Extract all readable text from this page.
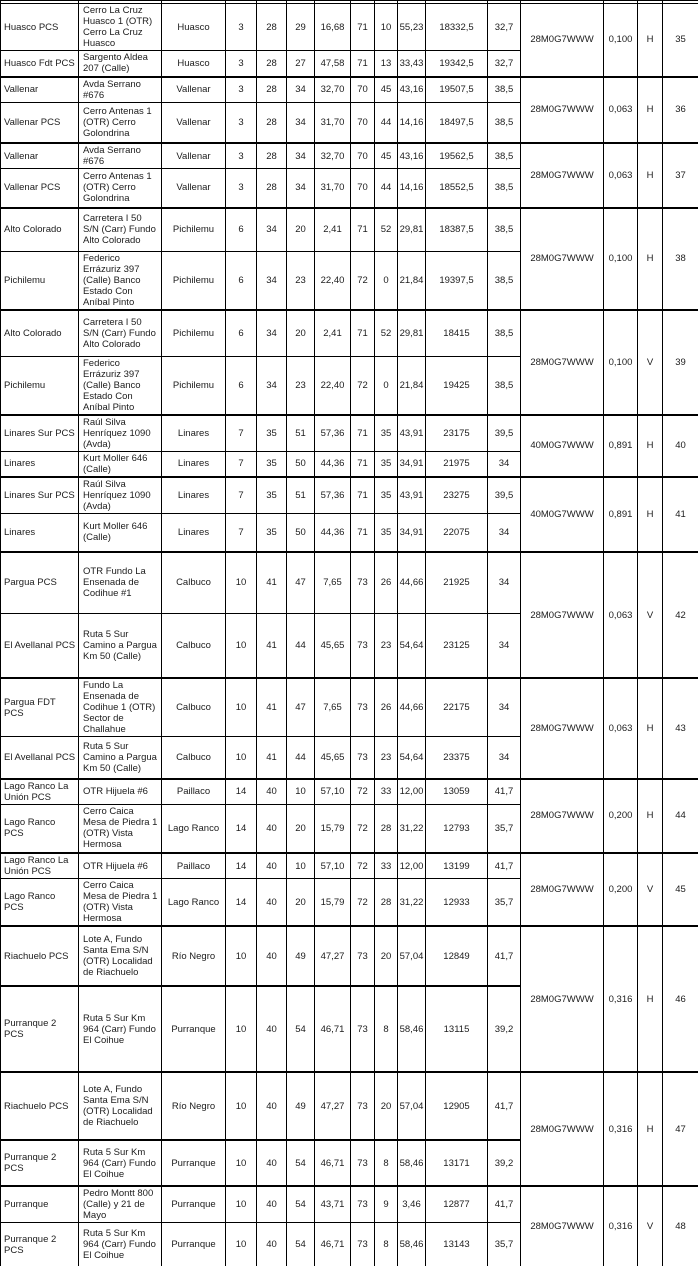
Huasco PCS	Cerro La Cruz Huasco 1 (OTR) Cerro La Cruz Huasco	Huasco	3	28	29	16,68	71	10	55,23	18332,5	32,7	28M0G7WWW	0,100	H	35
Huasco Fdt PCS	Sargento Aldea 207 (Calle)	Huasco	3	28	27	47,58	71	13	33,43	19342,5	32,7				
Vallenar	Avda Serrano #676	Vallenar	3	28	34	32,70	70	45	43,16	19507,5	38,5	28M0G7WWW	0,063	H	36
Vallenar PCS	Cerro Antenas 1 (OTR) Cerro Golondrina	Vallenar	3	28	34	31,70	70	44	14,16	18497,5	38,5				
Vallenar	Avda Serrano #676	Vallenar	3	28	34	32,70	70	45	43,16	19562,5	38,5	28M0G7WWW	0,063	H	37
Vallenar PCS	Cerro Antenas 1 (OTR) Cerro Golondrina	Vallenar	3	28	34	31,70	70	44	14,16	18552,5	38,5				
Alto Colorado	Carretera I 50 S/N (Carr) Fundo Alto Colorado	Pichilemu	6	34	20	2,41	71	52	29,81	18387,5	38,5	28M0G7WWW	0,100	H	38
Pichilemu	Federico Errázuriz 397 (Calle) Banco Estado Con Aníbal Pinto	Pichilemu	6	34	23	22,40	72	0	21,84	19397,5	38,5				
Alto Colorado	Carretera I 50 S/N (Carr) Fundo Alto Colorado	Pichilemu	6	34	20	2,41	71	52	29,81	18415	38,5	28M0G7WWW	0,100	V	39
Pichilemu	Federico Errázuriz 397 (Calle) Banco Estado Con Aníbal Pinto	Pichilemu	6	34	23	22,40	72	0	21,84	19425	38,5				
Linares Sur PCS	Raúl Silva Henríquez 1090 (Avda)	Linares	7	35	51	57,36	71	35	43,91	23175	39,5	40M0G7WWW	0,891	H	40
Linares	Kurt Moller 646 (Calle)	Linares	7	35	50	44,36	71	35	34,91	21975	34				
Linares Sur PCS	Raúl Silva Henríquez 1090 (Avda)	Linares	7	35	51	57,36	71	35	43,91	23275	39,5	40M0G7WWW	0,891	H	41
Linares	Kurt Moller 646 (Calle)	Linares	7	35	50	44,36	71	35	34,91	22075	34				
Pargua PCS	OTR Fundo La Ensenada de Codihue #1	Calbuco	10	41	47	7,65	73	26	44,66	21925	34	28M0G7WWW	0,063	V	42
El Avellanal PCS	Ruta 5 Sur Camino a Pargua Km 50 (Calle)	Calbuco	10	41	44	45,65	73	23	54,64	23125	34				
Pargua FDT PCS	Fundo La Ensenada de Codihue 1 (OTR) Sector de Challahue	Calbuco	10	41	47	7,65	73	26	44,66	22175	34	28M0G7WWW	0,063	H	43
El Avellanal PCS	Ruta 5 Sur Camino a Pargua Km 50 (Calle)	Calbuco	10	41	44	45,65	73	23	54,64	23375	34				
Lago Ranco La Unión PCS	OTR Hijuela #6	Paillaco	14	40	10	57,10	72	33	12,00	13059	41,7	28M0G7WWW	0,200	H	44
Lago Ranco PCS	Cerro Caica Mesa de Piedra 1 (OTR) Vista Hermosa	Lago Ranco	14	40	20	15,79	72	28	31,22	12793	35,7				
Lago Ranco La Unión PCS	OTR Hijuela #6	Paillaco	14	40	10	57,10	72	33	12,00	13199	41,7	28M0G7WWW	0,200	V	45
Lago Ranco PCS	Cerro Caica Mesa de Piedra 1 (OTR) Vista Hermosa	Lago Ranco	14	40	20	15,79	72	28	31,22	12933	35,7				
Riachuelo PCS	Lote A, Fundo Santa Ema S/N (OTR) Localidad de Riachuelo	Río Negro	10	40	49	47,27	73	20	57,04	12849	41,7	28M0G7WWW	0,316	H	46
Purranque 2 PCS	Ruta 5 Sur Km 964 (Carr) Fundo El Coihue	Purranque	10	40	54	46,71	73	8	58,46	13115	39,2				
Riachuelo PCS	Lote A, Fundo Santa Ema S/N (OTR) Localidad de Riachuelo	Río Negro	10	40	49	47,27	73	20	57,04	12905	41,7	28M0G7WWW	0,316	H	47
Purranque 2 PCS	Ruta 5 Sur Km 964 (Carr) Fundo El Coihue	Purranque	10	40	54	46,71	73	8	58,46	13171	39,2				
Purranque	Pedro Montt 800 (Calle) y 21 de Mayo	Purranque	10	40	54	43,71	73	9	3,46	12877	41,7	28M0G7WWW	0,316	V	48
Purranque 2 PCS	Ruta 5 Sur Km 964 (Carr) Fundo El Coihue	Purranque	10	40	54	46,71	73	8	58,46	13143	35,7				
